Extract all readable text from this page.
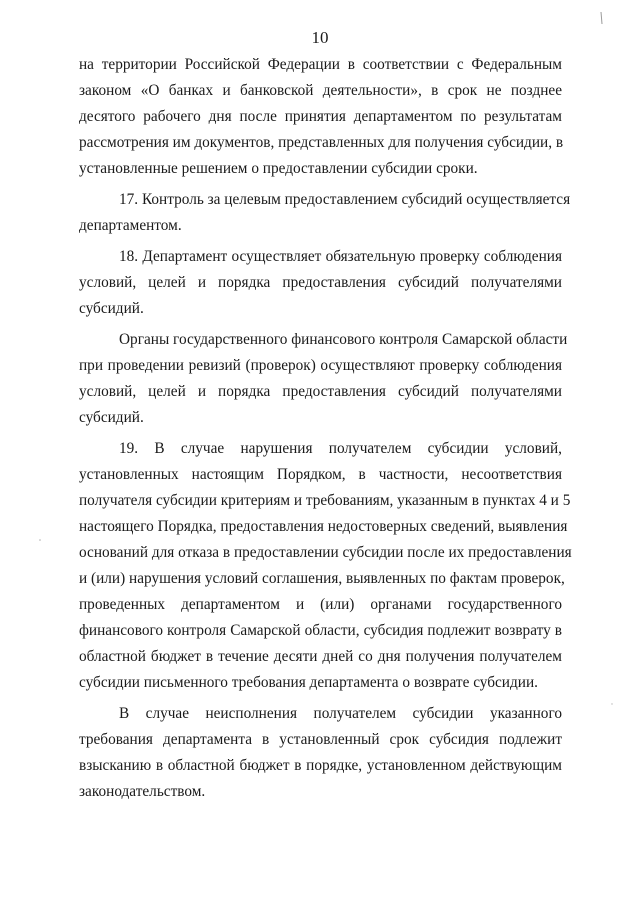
10
на территории Российской Федерации в соответствии с Федеральным
законом «О банках и банковской деятельности», в срок не позднее
десятого рабочего дня после принятия департаментом по результатам
рассмотрения им документов, представленных для получения субсидии, в
установленные решением о предоставлении субсидии сроки.
17. Контроль за целевым предоставлением субсидий осуществляется
департаментом.
18. Департамент осуществляет обязательную проверку соблюдения
условий, целей и порядка предоставления субсидий получателями
субсидий.
Органы государственного финансового контроля Самарской области
при проведении ревизий (проверок) осуществляют проверку соблюдения
условий, целей и порядка предоставления субсидий получателями
субсидий.
19. В случае нарушения получателем субсидии условий,
установленных настоящим Порядком, в частности, несоответствия
получателя субсидии критериям и требованиям, указанным в пунктах 4 и 5
настоящего Порядка, предоставления недостоверных сведений, выявления
оснований для отказа в предоставлении субсидии после их предоставления
и (или) нарушения условий соглашения, выявленных по фактам проверок,
проведенных департаментом и (или) органами государственного
финансового контроля Самарской области, субсидия подлежит возврату в
областной бюджет в течение десяти дней со дня получения получателем
субсидии письменного требования департамента о возврате субсидии.
В случае неисполнения получателем субсидии указанного
требования департамента в установленный срок субсидия подлежит
взысканию в областной бюджет в порядке, установленном действующим
законодательством.
